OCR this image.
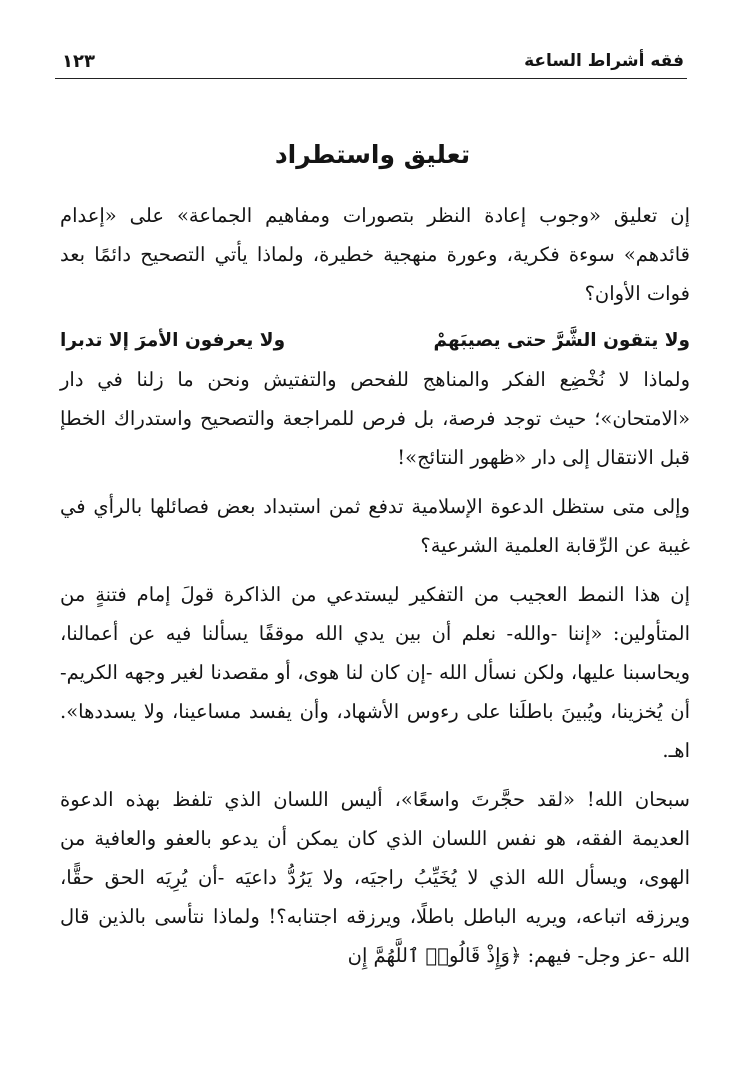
فقه أشراط الساعة
١٢٣
تعليق واستطراد

إن تعليق «وجوب إعادة النظر بتصورات ومفاهيم الجماعة» على «إعدام قائدهم» سوءة فكرية، وعورة منهجية خطيرة، ولماذا يأتي التصحيح دائمًا بعد فوات الأوان؟

ولا يتقون الشَّرَّ حتى يصيبَهمْ
ولا يعرفون الأمرَ إلا تدبرا

ولماذا لا نُخْضِع الفكر والمناهج للفحص والتفتيش ونحن ما زلنا في دار «الامتحان»؛ حيث توجد فرصة، بل فرص للمراجعة والتصحيح واستدراك الخطإ قبل الانتقال إلى دار «ظهور النتائج»!

وإلى متى ستظل الدعوة الإسلامية تدفع ثمن استبداد بعض فصائلها بالرأي في غيبة عن الرِّقابة العلمية الشرعية؟

إن هذا النمط العجيب من التفكير ليستدعي من الذاكرة قولَ إمام فتنةٍ من المتأولين: «إننا -والله- نعلم أن بين يدي الله موقفًا يسألنا فيه عن أعمالنا، ويحاسبنا عليها، ولكن نسأل الله -إن كان لنا هوى، أو مقصدنا لغير وجهه الكريم- أن يُخزينا، ويُبينَ باطلَنا على رءوس الأشهاد، وأن يفسد مساعينا، ولا يسددها». اهـ.

سبحان الله! «لقد حجَّرتَ واسعًا»، أليس اللسان الذي تلفظ بهذه الدعوة العديمة الفقه، هو نفس اللسان الذي كان يمكن أن يدعو بالعفو والعافية من الهوى، ويسأل الله الذي لا يُخَيِّبُ راجيَه، ولا يَرُدُّ داعيَه -أن يُرِيَه الحق حقًّا، ويرزقه اتباعه، ويريه الباطل باطلًا، ويرزقه اجتنابه؟! ولماذا نتأسى بالذين قال الله -عز وجل- فيهم: ﴿وَإِذْ قَالُوا۟ ٱللَّهُمَّ إِن
